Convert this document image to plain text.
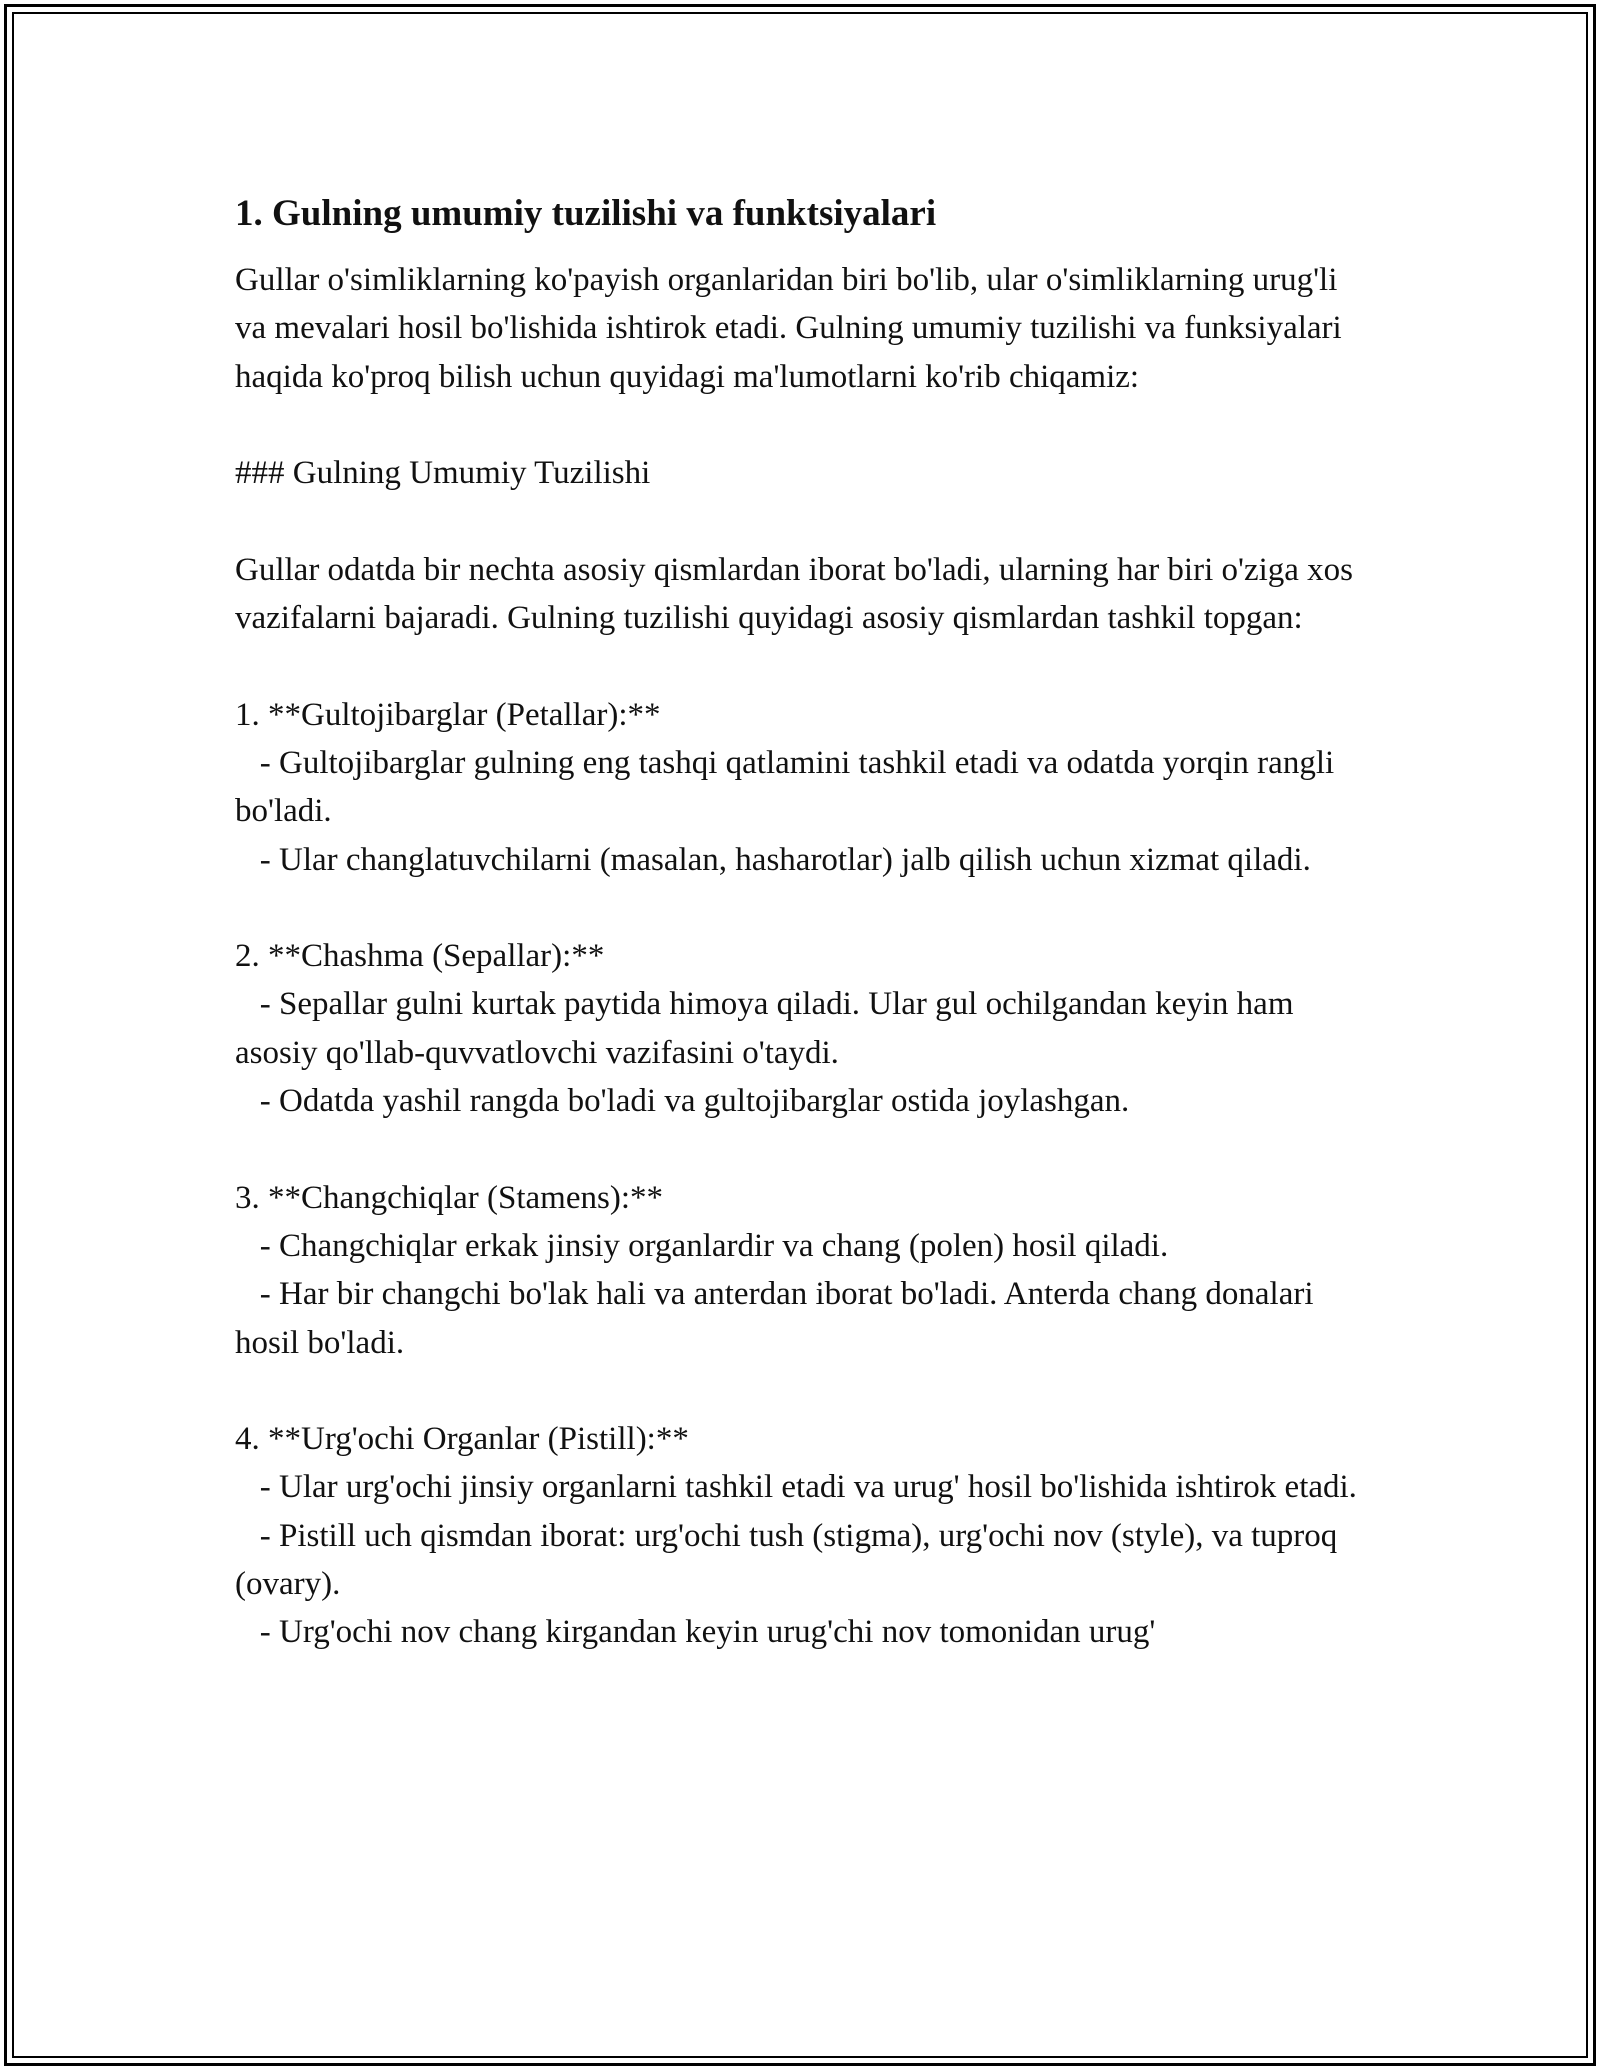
1. Gulning umumiy tuzilishi va funktsiyalari

Gullar o'simliklarning ko'payish organlaridan biri bo'lib, ular o'simliklarning urug'li va mevalari hosil bo'lishida ishtirok etadi. Gulning umumiy tuzilishi va funksiyalari haqida ko'proq bilish uchun quyidagi ma'lumotlarni ko'rib chiqamiz:

### Gulning Umumiy Tuzilishi

Gullar odatda bir nechta asosiy qismlardan iborat bo'ladi, ularning har biri o'ziga xos vazifalarni bajaradi. Gulning tuzilishi quyidagi asosiy qismlardan tashkil topgan:

1. **Gultojibarglar (Petallar):**
- Gultojibarglar gulning eng tashqi qatlamini tashkil etadi va odatda yorqin rangli bo'ladi.
- Ular changlatuvchilarni (masalan, hasharotlar) jalb qilish uchun xizmat qiladi.

2. **Chashma (Sepallar):**
- Sepallar gulni kurtak paytida himoya qiladi. Ular gul ochilgandan keyin ham asosiy qo'llab-quvvatlovchi vazifasini o'taydi.
- Odatda yashil rangda bo'ladi va gultojibarglar ostida joylashgan.

3. **Changchiqlar (Stamens):**
- Changchiqlar erkak jinsiy organlardir va chang (polen) hosil qiladi.
- Har bir changchi bo'lak hali va anterdan iborat bo'ladi. Anterda chang donalari hosil bo'ladi.

4. **Urg'ochi Organlar (Pistill):**
- Ular urg'ochi jinsiy organlarni tashkil etadi va urug' hosil bo'lishida ishtirok etadi.
- Pistill uch qismdan iborat: urg'ochi tush (stigma), urg'ochi nov (style), va tuproq (ovary).
- Urg'ochi nov chang kirgandan keyin urug'chi nov tomonidan urug'
